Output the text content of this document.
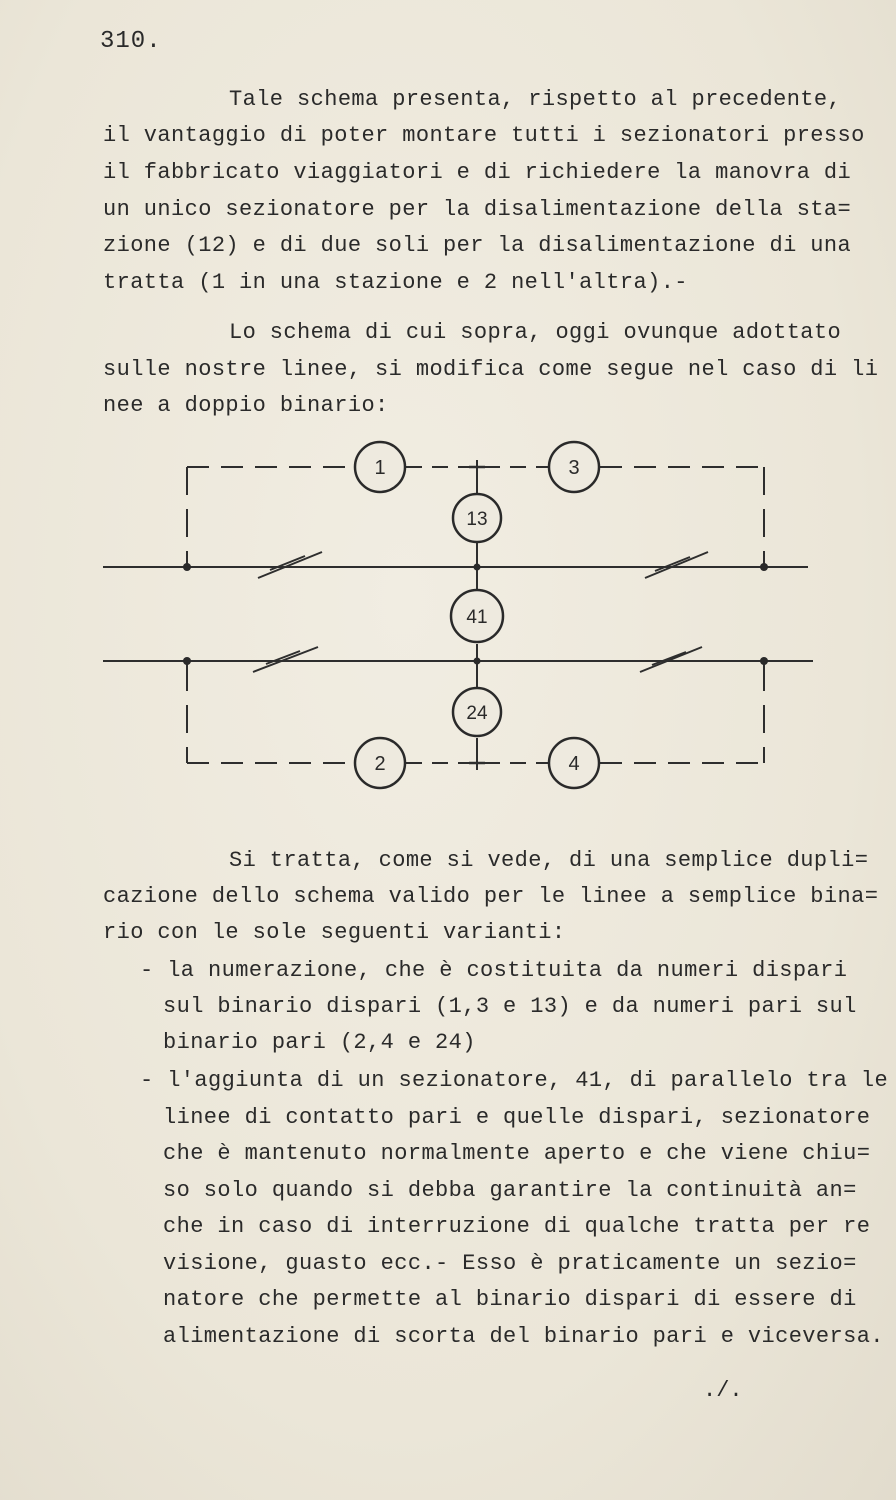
310.
Tale schema presenta, rispetto al precedente,
il vantaggio di poter montare tutti i sezionatori presso
il fabbricato viaggiatori e di richiedere la manovra di
un unico sezionatore per la disalimentazione della sta=
zione (12) e di due soli per la disalimentazione di una
tratta (1 in una stazione e 2 nell'altra).-
Lo schema di cui sopra, oggi ovunque adottato
sulle nostre linee, si modifica come segue nel caso di li
nee a doppio binario:
1	3
13
41
24
2	4
Si tratta, come si vede, di una semplice dupli=
cazione dello schema valido per le linee a semplice bina=
rio con le sole seguenti varianti:
- la numerazione, che è costituita da numeri dispari
sul binario dispari (1,3 e 13) e da numeri pari sul
binario pari (2,4 e 24)
- l'aggiunta di un sezionatore, 41, di parallelo tra le
linee di contatto pari e quelle dispari, sezionatore
che è mantenuto normalmente aperto e che viene chiu=
so solo quando si debba garantire la continuità an=
che in caso di interruzione di qualche tratta per re
visione, guasto ecc.- Esso è praticamente un sezio=
natore che permette al binario dispari di essere di
alimentazione di scorta del binario pari e viceversa.
./.
